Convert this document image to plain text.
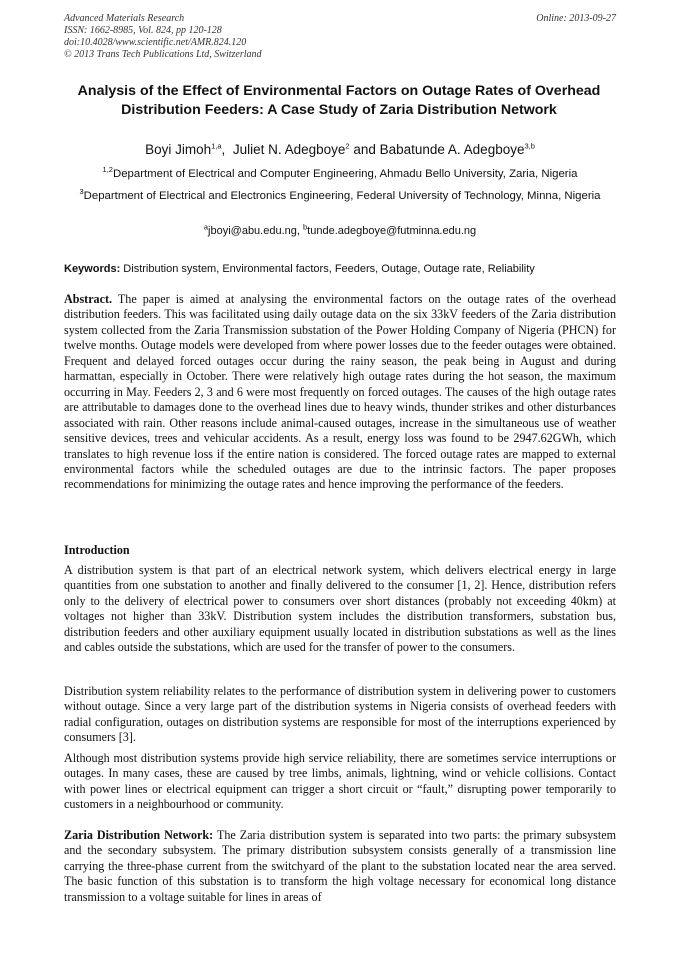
Advanced Materials Research
ISSN: 1662-8985, Vol. 824, pp 120-128
doi:10.4028/www.scientific.net/AMR.824.120
© 2013 Trans Tech Publications Ltd, Switzerland
Online: 2013-09-27
Analysis of the Effect of Environmental Factors on Outage Rates of Overhead Distribution Feeders: A Case Study of Zaria Distribution Network
Boyi Jimoh$^{1,a}$,  Juliet N. Adegboye$^2$ and Babatunde A. Adegboye$^{3,b}$
$^{1,2}$Department of Electrical and Computer Engineering, Ahmadu Bello University, Zaria, Nigeria
$^3$Department of Electrical and Electronics Engineering, Federal University of Technology, Minna, Nigeria
$^a$jboyi@abu.edu.ng, $^b$tunde.adegboye@futminna.edu.ng
Keywords: Distribution system, Environmental factors, Feeders, Outage, Outage rate, Reliability

Abstract. The paper is aimed at analysing the environmental factors on the outage rates of the overhead distribution feeders. This was facilitated using daily outage data on the six 33kV feeders of the Zaria distribution system collected from the Zaria Transmission substation of the Power Holding Company of Nigeria (PHCN) for twelve months. Outage models were developed from where power losses due to the feeder outages were obtained. Frequent and delayed forced outages occur during the rainy season, the peak being in August and during harmattan, especially in October. There were relatively high outage rates during the hot season, the maximum occurring in May. Feeders 2, 3 and 6 were most frequently on forced outages. The causes of the high outage rates are attributable to damages done to the overhead lines due to heavy winds, thunder strikes and other disturbances associated with rain. Other reasons include animal-caused outages, increase in the simultaneous use of weather sensitive devices, trees and vehicular accidents. As a result, energy loss was found to be 2947.62GWh, which translates to high revenue loss if the entire nation is considered. The forced outage rates are mapped to external environmental factors while the scheduled outages are due to the intrinsic factors. The paper proposes recommendations for minimizing the outage rates and hence improving the performance of the feeders.

Introduction

A distribution system is that part of an electrical network system, which delivers electrical energy in large quantities from one substation to another and finally delivered to the consumer [1, 2]. Hence, distribution refers only to the delivery of electrical power to consumers over short distances (probably not exceeding 40km) at voltages not higher than 33kV. Distribution system includes the distribution transformers, substation bus, distribution feeders and other auxiliary equipment usually located in distribution substations as well as the lines and cables outside the substations, which are used for the transfer of power to the consumers.

Distribution system reliability relates to the performance of distribution system in delivering power to customers without outage. Since a very large part of the distribution systems in Nigeria consists of overhead feeders with radial configuration, outages on distribution systems are responsible for most of the interruptions experienced by consumers [3].

Although most distribution systems provide high service reliability, there are sometimes service interruptions or outages. In many cases, these are caused by tree limbs, animals, lightning, wind or vehicle collisions. Contact with power lines or electrical equipment can trigger a short circuit or “fault,” disrupting power temporarily to customers in a neighbourhood or community.

Zaria Distribution Network: The Zaria distribution system is separated into two parts: the primary subsystem and the secondary subsystem. The primary distribution subsystem consists generally of a transmission line carrying the three-phase current from the switchyard of the plant to the substation located near the area served. The basic function of this substation is to transform the high voltage necessary for economical long distance transmission to a voltage suitable for lines in areas of
